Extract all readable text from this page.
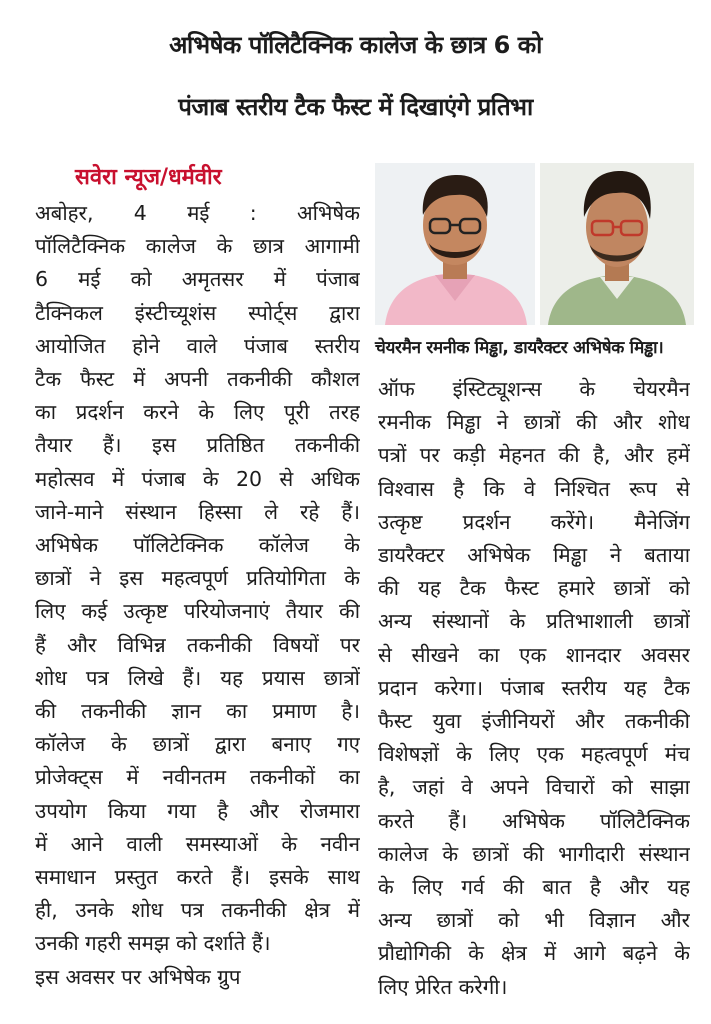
अभिषेक पॉलिटैक्निक कालेज के छात्र 6 को
पंजाब स्तरीय टैक फैस्ट में दिखाएंगे प्रतिभा
सवेरा न्यूज/धर्मवीर
अबोहर, 4 मई : अभिषेक
पॉलिटैक्निक कालेज के छात्र आगामी
6 मई को अमृतसर में पंजाब
टैक्निकल इंस्टीच्यूशंस स्पोर्ट्स द्वारा
आयोजित होने वाले पंजाब स्तरीय
टैक फैस्ट में अपनी तकनीकी कौशल
का प्रदर्शन करने के लिए पूरी तरह
तैयार हैं। इस प्रतिष्ठित तकनीकी
महोत्सव में पंजाब के 20 से अधिक
जाने-माने संस्थान हिस्सा ले रहे हैं।
अभिषेक पॉलिटेक्निक कॉलेज के
छात्रों ने इस महत्वपूर्ण प्रतियोगिता के
लिए कई उत्कृष्ट परियोजनाएं तैयार की
हैं और विभिन्न तकनीकी विषयों पर
शोध पत्र लिखे हैं। यह प्रयास छात्रों
की तकनीकी ज्ञान का प्रमाण है।
कॉलेज के छात्रों द्वारा बनाए गए
प्रोजेक्ट्स में नवीनतम तकनीकों का
उपयोग किया गया है और रोजमारा
में आने वाली समस्याओं के नवीन
समाधान प्रस्तुत करते हैं। इसके साथ
ही, उनके शोध पत्र तकनीकी क्षेत्र में
उनकी गहरी समझ को दर्शाते हैं।
इस अवसर पर अभिषेक ग्रुप
चेयरमैन रमनीक मिड्ढा, डायरैक्टर अभिषेक मिड्ढा।
ऑफ इंस्टिट्यूशन्स के चेयरमैन
रमनीक मिड्ढा ने छात्रों की और शोध
पत्रों पर कड़ी मेहनत की है, और हमें
विश्वास है कि वे निश्चित रूप से
उत्कृष्ट प्रदर्शन करेंगे। मैनेजिंग
डायरैक्टर अभिषेक मिड्ढा ने बताया
की यह टैक फैस्ट हमारे छात्रों को
अन्य संस्थानों के प्रतिभाशाली छात्रों
से सीखने का एक शानदार अवसर
प्रदान करेगा। पंजाब स्तरीय यह टैक
फैस्ट युवा इंजीनियरों और तकनीकी
विशेषज्ञों के लिए एक महत्वपूर्ण मंच
है, जहां वे अपने विचारों को साझा
करते हैं। अभिषेक पॉलिटैक्निक
कालेज के छात्रों की भागीदारी संस्थान
के लिए गर्व की बात है और यह
अन्य छात्रों को भी विज्ञान और
प्रौद्योगिकी के क्षेत्र में आगे बढ़ने के
लिए प्रेरित करेगी।
